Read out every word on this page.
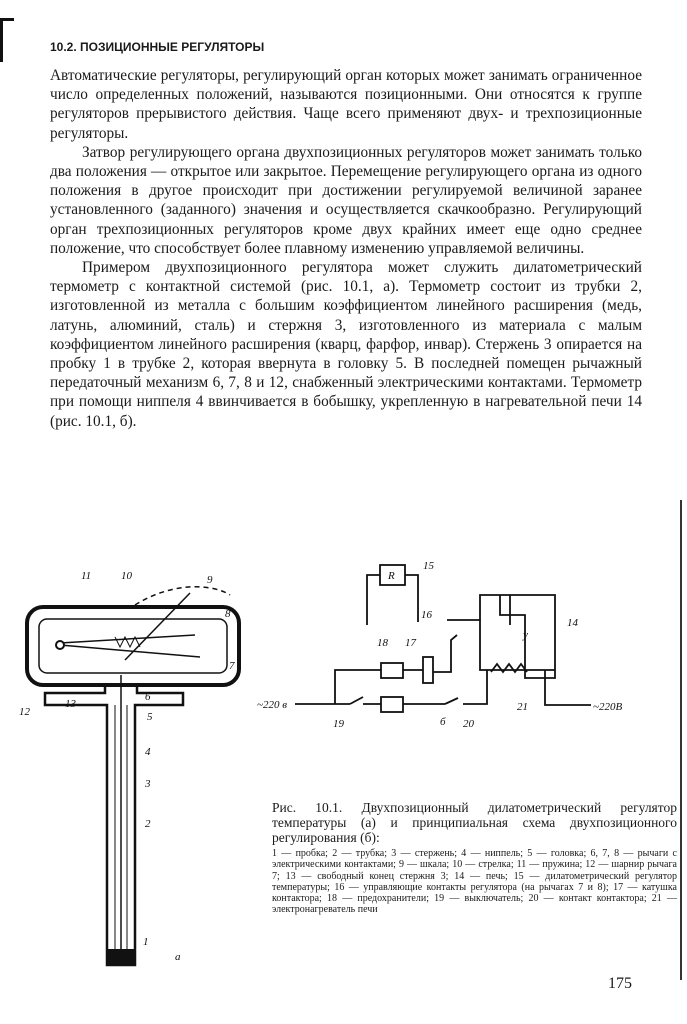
10.2. ПОЗИЦИОННЫЕ РЕГУЛЯТОРЫ

Автоматические регуляторы, регулирующий орган которых может занимать ограниченное число определенных положений, называются позиционными. Они относятся к группе регуляторов прерывистого действия. Чаще всего применяют двух- и трехпозиционные регуляторы.

Затвор регулирующего органа двухпозиционных регуляторов может занимать только два положения — открытое или закрытое. Перемещение регулирующего органа из одного положения в другое происходит при достижении регулируемой величиной заранее установленного (заданного) значения и осуществляется скачкообразно. Регулирующий орган трехпозиционных регуляторов кроме двух крайних имеет еще одно среднее положение, что способствует более плавному изменению управляемой величины.

Примером двухпозиционного регулятора может служить дилатометрический термометр с контактной системой (рис. 10.1, а). Термометр состоит из трубки 2, изготовленной из металла с большим коэффициентом линейного расширения (медь, латунь, алюминий, сталь) и стержня 3, изготовленного из материала с малым коэффициентом линейного расширения (кварц, фарфор, инвар). Стержень 3 опирается на пробку 1 в трубке 2, которая ввернута в головку 5. В последней помещен рычажный передаточный механизм 6, 7, 8 и 12, снабженный электрическими контактами. Термометр при помощи ниппеля 4 ввинчивается в бобышку, укрепленную в нагревательной печи 14 (рис. 10.1, б).

11	10	9
8
7
6
5
4
3
2
1
12
13
а
R
15
16
14
у
18 17
21
19	б 20
~220 в	~220В
Рис. 10.1. Двухпозиционный дилатометрический регулятор температуры (а) и принципиальная схема двухпозиционного регулирования (б):
1 — пробка; 2 — трубка; 3 — стержень; 4 — ниппель; 5 — головка; 6, 7, 8 — рычаги с электрическими контактами; 9 — шкала; 10 — стрелка; 11 — пружина; 12 — шарнир рычага 7; 13 — свободный конец стержня 3; 14 — печь; 15 — дилатометрический регулятор температуры; 16 — управляющие контакты регулятора (на рычагах 7 и 8); 17 — катушка контактора; 18 — предохранители; 19 — выключатель; 20 — контакт контактора; 21 — электронагреватель печи
175
